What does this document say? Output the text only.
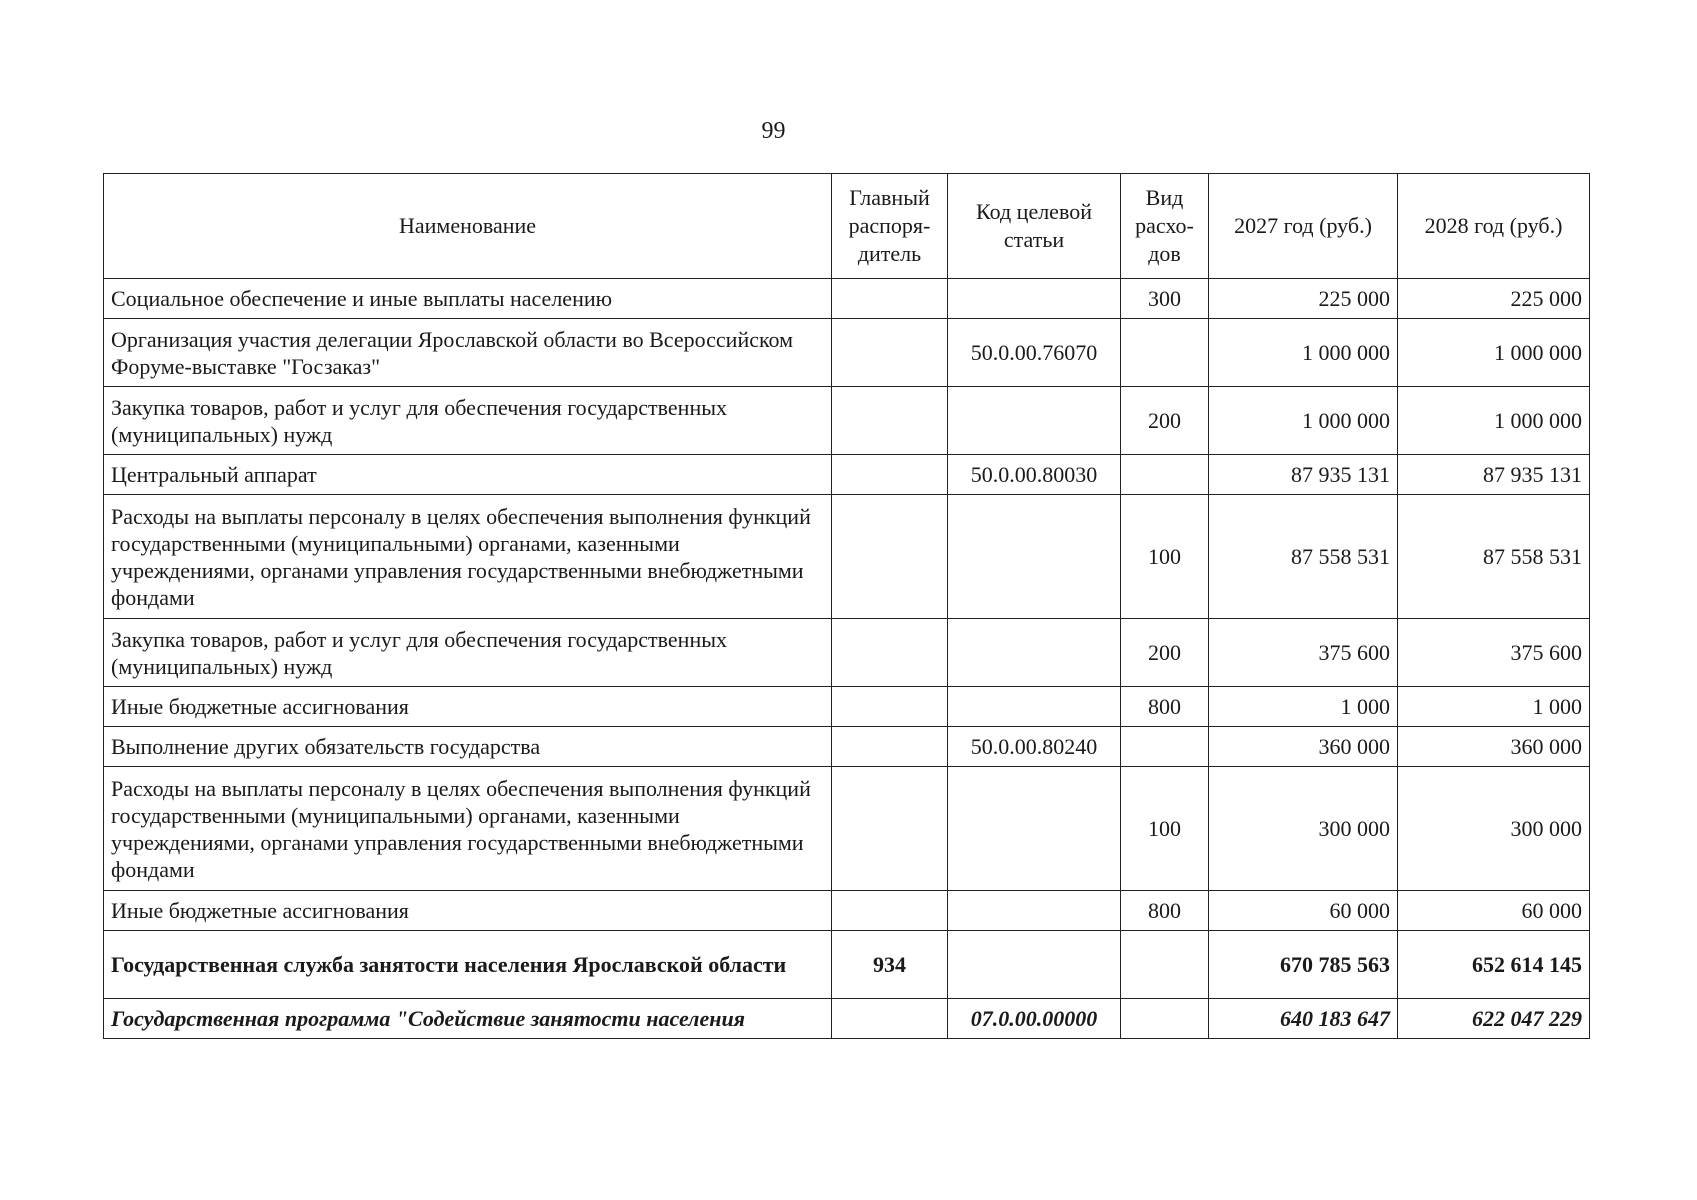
99
Наименование	Главный распоря-дитель	Код целевой статьи	Вид расхо-дов	2027 год (руб.)	2028 год (руб.)
Социальное обеспечение и иные выплаты населению			300	225 000	225 000
Организация участия делегации Ярославской области во Всероссийском Форуме-выставке "Госзаказ"		50.0.00.76070		1 000 000	1 000 000
Закупка товаров, работ и услуг для обеспечения государственных (муниципальных) нужд			200	1 000 000	1 000 000
Центральный аппарат		50.0.00.80030		87 935 131	87 935 131
Расходы на выплаты персоналу в целях обеспечения выполнения функций государственными (муниципальными) органами, казенными учреждениями, органами управления государственными внебюджетными фондами			100	87 558 531	87 558 531
Закупка товаров, работ и услуг для обеспечения государственных (муниципальных) нужд			200	375 600	375 600
Иные бюджетные ассигнования			800	1 000	1 000
Выполнение других обязательств государства		50.0.00.80240		360 000	360 000
Расходы на выплаты персоналу в целях обеспечения выполнения функций государственными (муниципальными) органами, казенными учреждениями, органами управления государственными внебюджетными фондами			100	300 000	300 000
Иные бюджетные ассигнования			800	60 000	60 000
Государственная служба занятости населения Ярославской области	934			670 785 563	652 614 145
Государственная программа "Содействие занятости населения		07.0.00.00000		640 183 647	622 047 229
